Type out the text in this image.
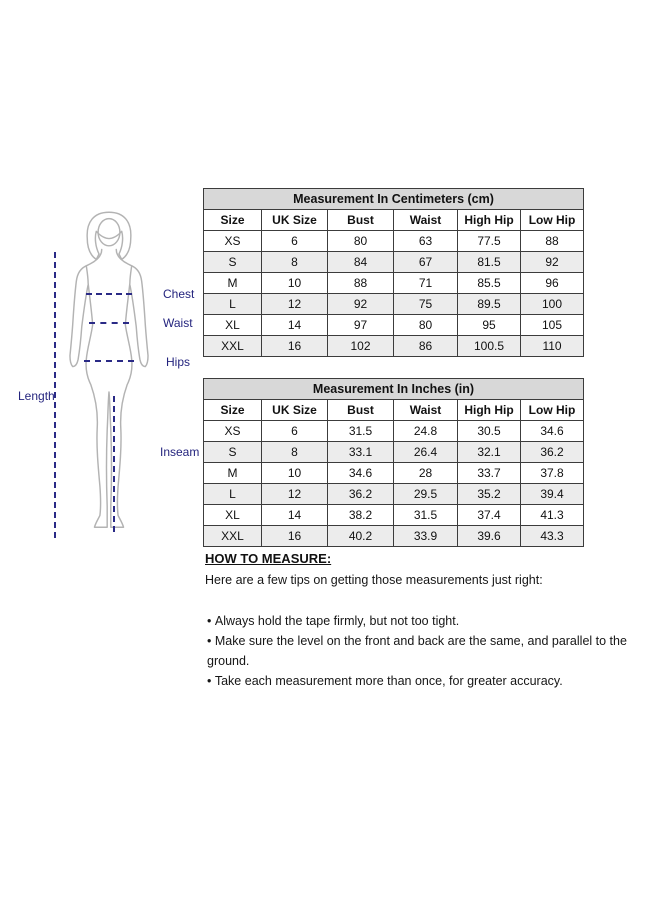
Chest
Waist
Hips
Length
Inseam
Measurement In Centimeters (cm)					
Size	UK Size	Bust	Waist	High Hip	Low Hip
XS	6	80	63	77.5	88
S	8	84	67	81.5	92
M	10	88	71	85.5	96
L	12	92	75	89.5	100
XL	14	97	80	95	105
XXL	16	102	86	100.5	110
Measurement In Inches (in)					
Size	UK Size	Bust	Waist	High Hip	Low Hip
XS	6	31.5	24.8	30.5	34.6
S	8	33.1	26.4	32.1	36.2
M	10	34.6	28	33.7	37.8
L	12	36.2	29.5	35.2	39.4
XL	14	38.2	31.5	37.4	41.3
XXL	16	40.2	33.9	39.6	43.3
HOW TO MEASURE:

Here are a few tips on getting those measurements just right:

• Always hold the tape firmly, but not too tight.
• Make sure the level on the front and back are the same, and parallel to the ground.
• Take each measurement more than once, for greater accuracy.
